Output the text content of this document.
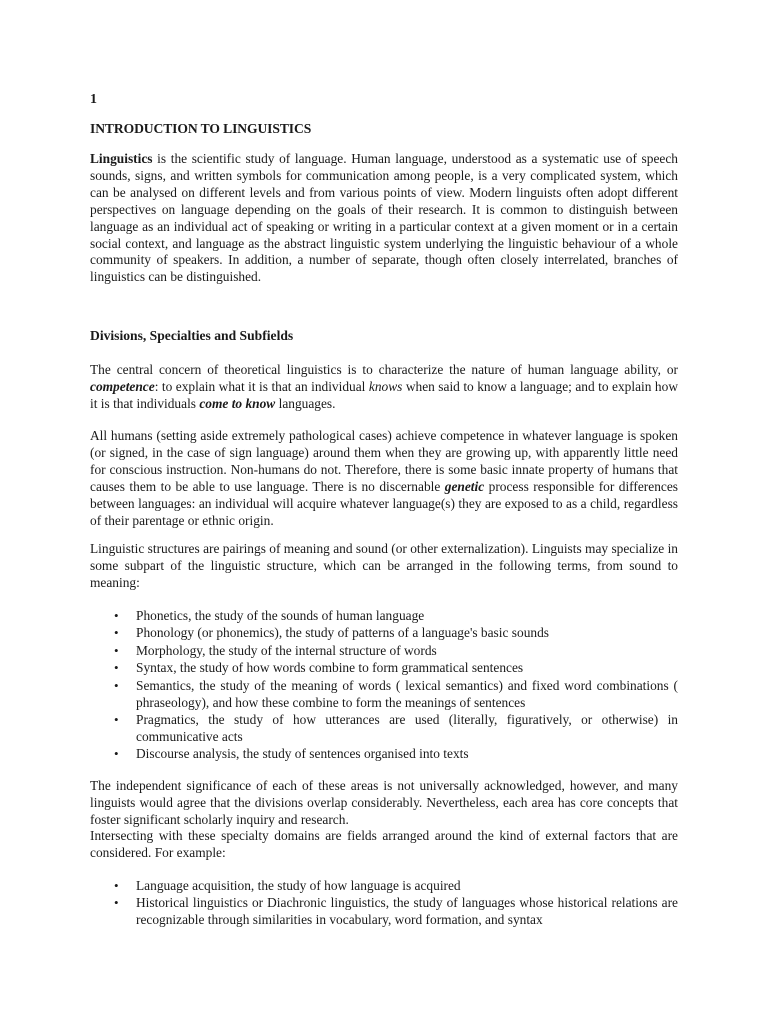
1
INTRODUCTION TO LINGUISTICS

Linguistics is the scientific study of language. Human language, understood as a systematic use of speech sounds, signs, and written symbols for communication among people, is a very complicated system, which can be analysed on different levels and from various points of view. Modern linguists often adopt different perspectives on language depending on the goals of their research. It is common to distinguish between language as an individual act of speaking or writing in a particular context at a given moment or in a certain social context, and language as the abstract linguistic system underlying the linguistic behaviour of a whole community of speakers. In addition, a number of separate, though often closely interrelated, branches of linguistics can be distinguished.

Divisions, Specialties and Subfields

The central concern of theoretical linguistics is to characterize the nature of human language ability, or competence: to explain what it is that an individual knows when said to know a language; and to explain how it is that individuals come to know languages.

All humans (setting aside extremely pathological cases) achieve competence in whatever language is spoken (or signed, in the case of sign language) around them when they are growing up, with apparently little need for conscious instruction. Non-humans do not. Therefore, there is some basic innate property of humans that causes them to be able to use language. There is no discernable genetic process responsible for differences between languages: an individual will acquire whatever language(s) they are exposed to as a child, regardless of their parentage or ethnic origin.

Linguistic structures are pairings of meaning and sound (or other externalization). Linguists may specialize in some subpart of the linguistic structure, which can be arranged in the following terms, from sound to meaning:

• Phonetics, the study of the sounds of human language
• Phonology (or phonemics), the study of patterns of a language's basic sounds
• Morphology, the study of the internal structure of words
• Syntax, the study of how words combine to form grammatical sentences
• Semantics, the study of the meaning of words ( lexical semantics) and fixed word combinations ( phraseology), and how these combine to form the meanings of sentences
• Pragmatics, the study of how utterances are used (literally, figuratively, or otherwise) in communicative acts
• Discourse analysis, the study of sentences organised into texts

The independent significance of each of these areas is not universally acknowledged, however, and many linguists would agree that the divisions overlap considerably. Nevertheless, each area has core concepts that foster significant scholarly inquiry and research.

Intersecting with these specialty domains are fields arranged around the kind of external factors that are considered. For example:

• Language acquisition, the study of how language is acquired
• Historical linguistics or Diachronic linguistics, the study of languages whose historical relations are recognizable through similarities in vocabulary, word formation, and syntax
